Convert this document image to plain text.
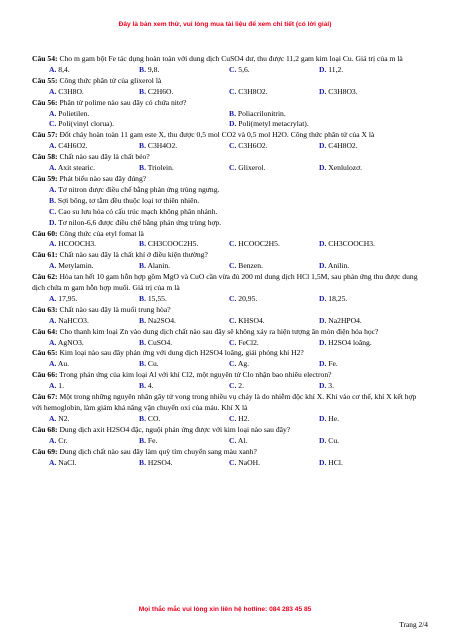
Đây là bản xem thử, vui lòng mua tài liệu để xem chi tiết (có lời giải)

Câu 54: Cho m gam bột Fe tác dụng hoàn toàn với dung dịch CuSO4 dư, thu được 11,2 gam kim loại Cu. Giá trị của m là

A. 8,4.	B. 9,8.	C. 5,6.	D. 11,2.

Câu 55: Công thức phân tử của glixerol là

A. C3H8O.	B. C2H6O.	C. C3H8O2.	D. C3H8O3.

Câu 56: Phân tử polime nào sau đây có chứa nitơ?

A. Polietilen.	B. Poliacrilonitrin.
C. Poli(vinyl clorua).	D. Poli(metyl metacrylat).

Câu 57: Đốt cháy hoàn toàn 11 gam este X, thu được 0,5 mol CO2 và 0,5 mol H2O. Công thức phân tử của X là

A. C4H6O2.	B. C3H4O2.	C. C3H6O2.	D. C4H8O2.

Câu 58: Chất nào sau đây là chất béo?

A. Axit stearic.	B. Triolein.	C. Glixerol.	D. Xenlulozơ.

Câu 59: Phát biểu nào sau đây đúng?

A. Tơ nitron được điều chế bằng phản ứng trùng ngưng.
B. Sợi bông, tơ tằm đều thuộc loại tơ thiên nhiên.
C. Cao su lưu hóa có cấu trúc mạch không phân nhánh.
D. Tơ nilon-6,6 được điều chế bằng phản ứng trùng hợp.

Câu 60: Công thức của etyl fomat là

A. HCOOCH3.	B. CH3COOC2H5.	C. HCOOC2H5.	D. CH3COOCH3.

Câu 61: Chất nào sau đây là chất khí ở điều kiện thường?

A. Metylamin.	B. Alanin.	C. Benzen.	D. Anilin.

Câu 62: Hòa tan hết 10 gam hỗn hợp gồm MgO và CuO cần vừa đủ 200 ml dung dịch HCl 1,5M, sau phản ứng thu được dung dịch chứa m gam hỗn hợp muối. Giá trị của m là

A. 17,95.	B. 15,55.	C. 20,95.	D. 18,25.

Câu 63: Chất nào sau đây là muối trung hòa?

A. NaHCO3.	B. Na2SO4.	C. KHSO4.	D. Na2HPO4.

Câu 64: Cho thanh kim loại Zn vào dung dịch chất nào sau đây sẽ không xảy ra hiện tượng ăn mòn điện hóa học?

A. AgNO3.	B. CuSO4.	C. FeCl2.	D. H2SO4 loãng.

Câu 65: Kim loại nào sau đây phản ứng với dung dịch H2SO4 loãng, giải phóng khí H2?

A. Au.	B. Cu.	C. Ag.	D. Fe.

Câu 66: Trong phản ứng của kim loại Al với khí Cl2, một nguyên tử Clo nhận bao nhiêu electron?

A. 1.	B. 4.	C. 2.	D. 3.

Câu 67: Một trong những nguyên nhân gây tử vong trong nhiều vụ cháy là do nhiễm độc khí X. Khi vào cơ thể, khí X kết hợp với hemoglobin, làm giảm khả năng vận chuyển oxi của máu. Khí X là

A. N2.	B. CO.	C. H2.	D. He.

Câu 68: Dung dịch axit H2SO4 đặc, nguội phản ứng được với kim loại nào sau đây?

A. Cr.	B. Fe.	C. Al.	D. Cu.

Câu 69: Dung dịch chất nào sau đây làm quỳ tím chuyển sang màu xanh?

A. NaCl.	B. H2SO4.	C. NaOH.	D. HCl.
Mọi thắc mắc vui lòng xin liên hệ hotline: 084 283 45 85
Trang 2/4
